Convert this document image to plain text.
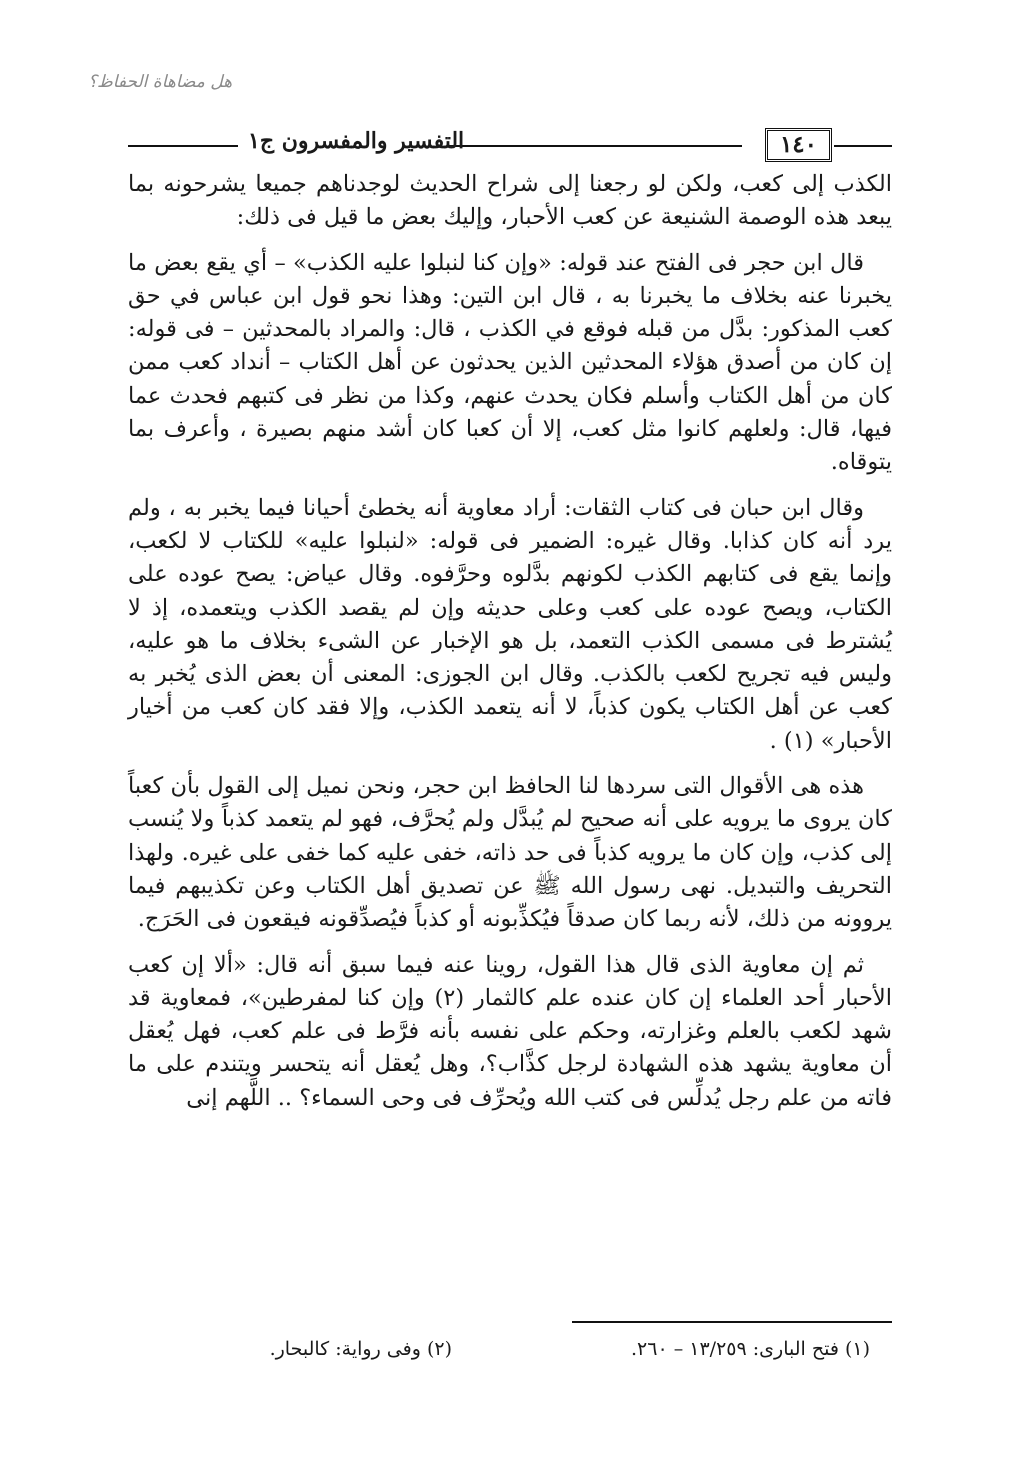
هل مضاهاة الحفاظ؟
١٤٠
التفسير والمفسرون ج١

الكذب إلى كعب، ولكن لو رجعنا إلى شراح الحديث لوجدناهم جميعا يشرحونه بما يبعد هذه الوصمة الشنيعة عن كعب الأحبار، وإليك بعض ما قيل فى ذلك:

قال ابن حجر فى الفتح عند قوله: «وإن كنا لنبلوا عليه الكذب» – أي يقع بعض ما يخبرنا عنه بخلاف ما يخبرنا به ، قال ابن التين: وهذا نحو قول ابن عباس في حق كعب المذكور: بدَّل من قبله فوقع في الكذب ، قال: والمراد بالمحدثين – فى قوله: إن كان من أصدق هؤلاء المحدثين الذين يحدثون عن أهل الكتاب – أنداد كعب ممن كان من أهل الكتاب وأسلم فكان يحدث عنهم، وكذا من نظر فى كتبهم فحدث عما فيها، قال: ولعلهم كانوا مثل كعب، إلا أن كعبا كان أشد منهم بصيرة ، وأعرف بما يتوقاه.

وقال ابن حبان فى كتاب الثقات: أراد معاوية أنه يخطئ أحيانا فيما يخبر به ، ولم يرد أنه كان كذابا. وقال غيره: الضمير فى قوله: «لنبلوا عليه» للكتاب لا لكعب، وإنما يقع فى كتابهم الكذب لكونهم بدَّلوه وحرَّفوه. وقال عياض: يصح عوده على الكتاب، ويصح عوده على كعب وعلى حديثه وإن لم يقصد الكذب ويتعمده، إذ لا يُشترط فى مسمى الكذب التعمد، بل هو الإخبار عن الشىء بخلاف ما هو عليه، وليس فيه تجريح لكعب بالكذب. وقال ابن الجوزى: المعنى أن بعض الذى يُخبر به كعب عن أهل الكتاب يكون كذباً، لا أنه يتعمد الكذب، وإلا فقد كان كعب من أخيار الأحبار» (١) .

هذه هى الأقوال التى سردها لنا الحافظ ابن حجر، ونحن نميل إلى القول بأن كعباً كان يروى ما يرويه على أنه صحيح لم يُبدَّل ولم يُحرَّف، فهو لم يتعمد كذباً ولا يُنسب إلى كذب، وإن كان ما يرويه كذباً فى حد ذاته، خفى عليه كما خفى على غيره. ولهذا التحريف والتبديل. نهى رسول الله ﷺ عن تصديق أهل الكتاب وعن تكذيبهم فيما يروونه من ذلك، لأنه ربما كان صدقاً فيُكذِّبونه أو كذباً فيُصدِّقونه فيقعون فى الحَرَج.

ثم إن معاوية الذى قال هذا القول، روينا عنه فيما سبق أنه قال: «ألا إن كعب الأحبار أحد العلماء إن كان عنده علم كالثمار (٢) وإن كنا لمفرطين»، فمعاوية قد شهد لكعب بالعلم وغزارته، وحكم على نفسه بأنه فرَّط فى علم كعب، فهل يُعقل أن معاوية يشهد هذه الشهادة لرجل كذَّاب؟، وهل يُعقل أنه يتحسر ويتندم على ما فاته من علم رجل يُدلِّس فى كتب الله ويُحرِّف فى وحى السماء؟ .. اللَّهم إنى

(١) فتح البارى: ١٣/٢٥٩ – ٢٦٠.
(٢) وفى رواية: كالبحار.
